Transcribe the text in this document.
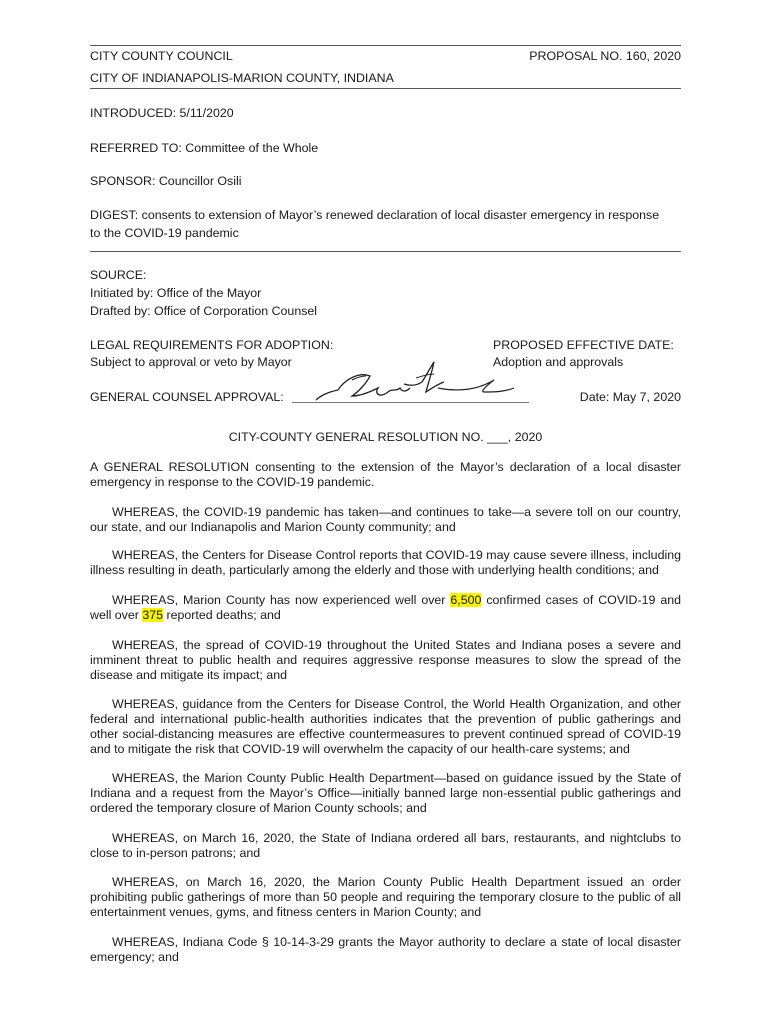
CITY COUNTY COUNCIL	PROPOSAL NO. 160, 2020
CITY OF INDIANAPOLIS-MARION COUNTY, INDIANA
INTRODUCED: 5/11/2020
REFERRED TO: Committee of the Whole
SPONSOR: Councillor Osili
DIGEST: consents to extension of Mayor’s renewed declaration of local disaster emergency in response
to the COVID-19 pandemic
SOURCE:
Initiated by: Office of the Mayor
Drafted by: Office of Corporation Counsel
LEGAL REQUIREMENTS FOR ADOPTION:
Subject to approval or veto by Mayor
PROPOSED EFFECTIVE DATE:
Adoption and approvals
GENERAL COUNSEL APPROVAL:	Date: May 7, 2020
CITY-COUNTY GENERAL RESOLUTION NO. ___, 2020
A GENERAL RESOLUTION consenting to the extension of the Mayor’s declaration of a local disaster emergency in response to the COVID-19 pandemic.
WHEREAS, the COVID-19 pandemic has taken—and continues to take—a severe toll on our country, our state, and our Indianapolis and Marion County community; and
WHEREAS, the Centers for Disease Control reports that COVID-19 may cause severe illness, including illness resulting in death, particularly among the elderly and those with underlying health conditions; and
WHEREAS, Marion County has now experienced well over 6,500 confirmed cases of COVID-19 and well over 375 reported deaths; and
WHEREAS, the spread of COVID-19 throughout the United States and Indiana poses a severe and imminent threat to public health and requires aggressive response measures to slow the spread of the disease and mitigate its impact; and
WHEREAS, guidance from the Centers for Disease Control, the World Health Organization, and other federal and international public-health authorities indicates that the prevention of public gatherings and other social-distancing measures are effective countermeasures to prevent continued spread of COVID-19 and to mitigate the risk that COVID-19 will overwhelm the capacity of our health-care systems; and
WHEREAS, the Marion County Public Health Department—based on guidance issued by the State of Indiana and a request from the Mayor’s Office—initially banned large non-essential public gatherings and ordered the temporary closure of Marion County schools; and
WHEREAS, on March 16, 2020, the State of Indiana ordered all bars, restaurants, and nightclubs to close to in-person patrons; and
WHEREAS, on March 16, 2020, the Marion County Public Health Department issued an order prohibiting public gatherings of more than 50 people and requiring the temporary closure to the public of all entertainment venues, gyms, and fitness centers in Marion County; and
WHEREAS, Indiana Code § 10-14-3-29 grants the Mayor authority to declare a state of local disaster emergency; and
